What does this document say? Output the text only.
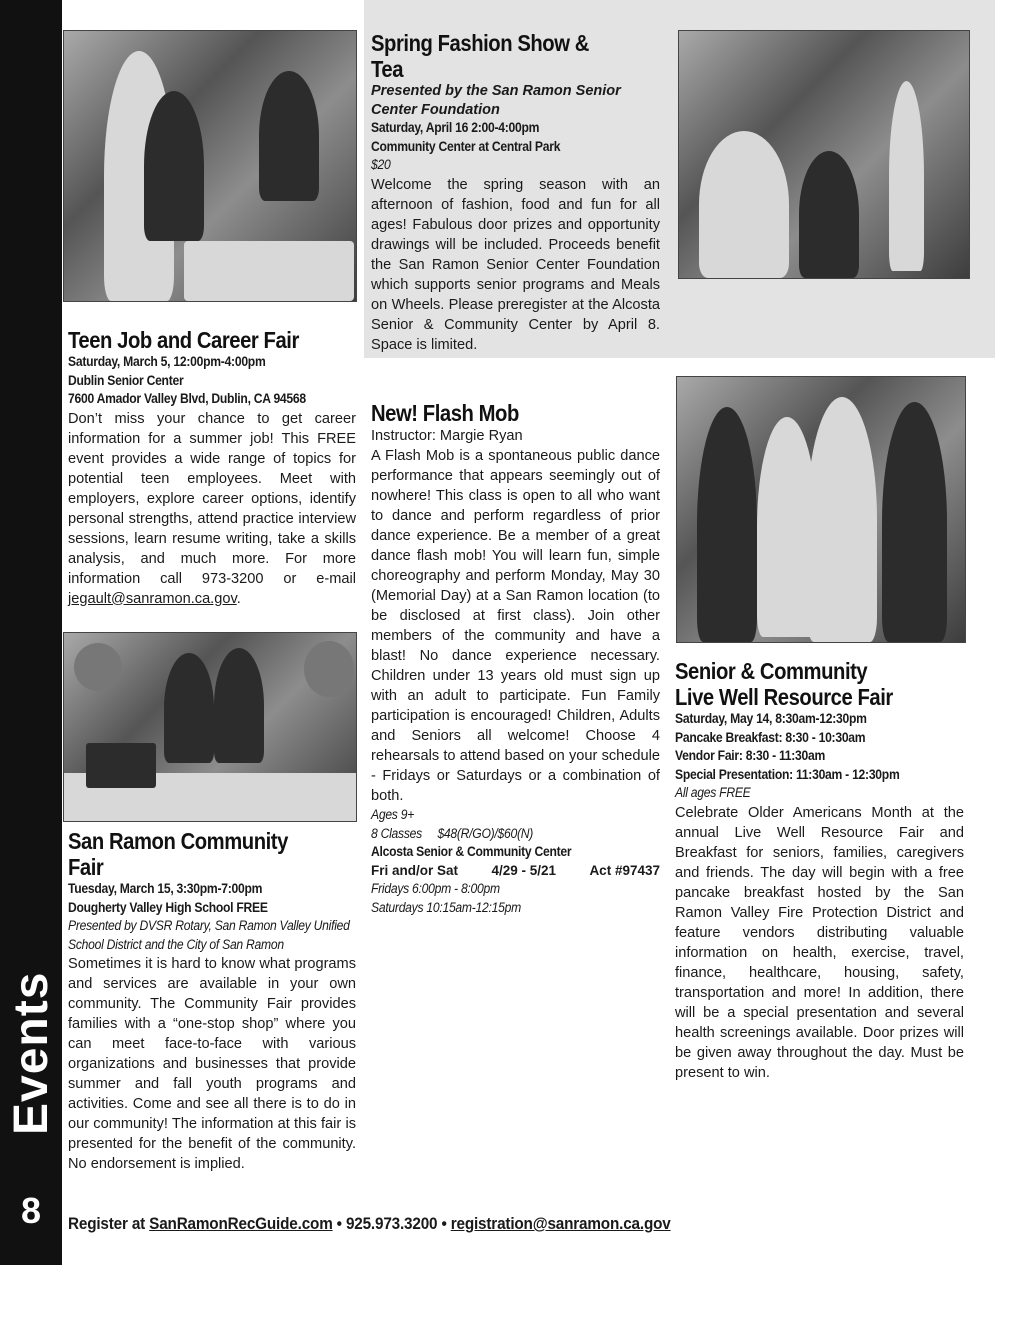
Events
8
Teen Job and Career Fair
Saturday, March 5, 12:00pm-4:00pm
Dublin Senior Center
7600 Amador Valley Blvd, Dublin, CA 94568

Don’t miss your chance to get career information for a summer job! This FREE event provides a wide range of topics for potential teen employees. Meet with employers, explore career options, identify personal strengths, attend practice interview sessions, learn resume writing, take a skills analysis, and much more. For more information call 973-3200 or e-mail jegault@sanramon.ca.gov.

San Ramon Community Fair
Tuesday, March 15, 3:30pm-7:00pm
Dougherty Valley High School FREE
Presented by DVSR Rotary, San Ramon Valley Unified School District and the City of San Ramon

Sometimes it is hard to know what programs and services are available in your own community. The Community Fair provides families with a “one-stop shop” where you can meet face-to-face with various organizations and businesses that provide summer and fall youth programs and activities. Come and see all there is to do in our community! The information at this fair is presented for the benefit of the community. No endorsement is implied.

Spring Fashion Show & Tea
Presented by the San Ramon Senior Center Foundation
Saturday, April 16 2:00-4:00pm
Community Center at Central Park
$20

Welcome the spring season with an afternoon of fashion, food and fun for all ages! Fabulous door prizes and opportunity drawings will be included. Proceeds benefit the San Ramon Senior Center Foundation which supports senior programs and Meals on Wheels. Please preregister at the Alcosta Senior & Community Center by April 8. Space is limited.

New! Flash Mob
Instructor: Margie Ryan

A Flash Mob is a spontaneous public dance performance that appears seemingly out of nowhere! This class is open to all who want to dance and perform regardless of prior dance experience. Be a member of a great dance flash mob! You will learn fun, simple choreography and perform Monday, May 30 (Memorial Day) at a San Ramon location (to be disclosed at first class). Join other members of the community and have a blast! No dance experience necessary. Children under 13 years old must sign up with an adult to participate. Fun Family participation is encouraged! Children, Adults and Seniors all welcome! Choose 4 rehearsals to attend based on your schedule - Fridays or Saturdays or a combination of both.

Ages 9+
8 Classes     $48(R/GO)/$60(N)
Alcosta Senior & Community Center
Fri and/or Sat 4/29 - 5/21 Act #97437
Fridays 6:00pm - 8:00pm
Saturdays 10:15am-12:15pm
Senior & Community
Live Well Resource Fair
Saturday, May 14, 8:30am-12:30pm
Pancake Breakfast: 8:30 - 10:30am
Vendor Fair: 8:30 - 11:30am
Special Presentation: 11:30am - 12:30pm
All ages FREE

Celebrate Older Americans Month at the annual Live Well Resource Fair and Breakfast for seniors, families, caregivers and friends. The day will begin with a free pancake breakfast hosted by the San Ramon Valley Fire Protection District and feature vendors distributing valuable information on health, exercise, travel, finance, healthcare, housing, safety, transportation and more! In addition, there will be a special presentation and several health screenings available. Door prizes will be given away throughout the day. Must be present to win.

Register at SanRamonRecGuide.com • 925.973.3200 • registration@sanramon.ca.gov
